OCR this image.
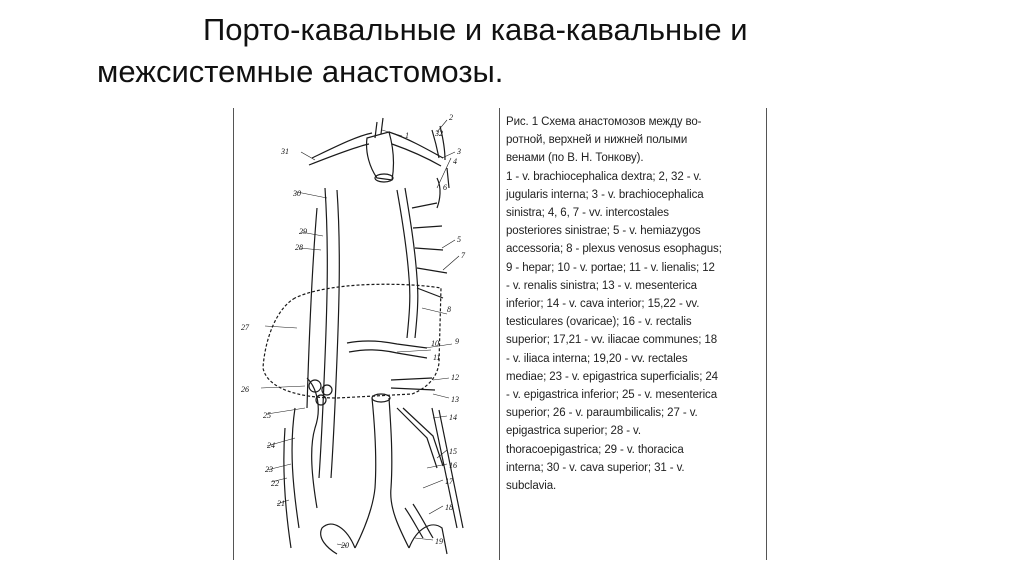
Порто-кавальные и кава-кавальные и
межсистемные анастомозы.
1
2
3
4
5
6
7
8
9
10
11
12
13
14
15
16
17
18
19
20
21
22
23
24
25
26
27
28
29
30
31
32
Рис. 1 Схема анастомозов между во-
ротной, верхней и нижней полыми
венами (по В. Н. Тонкову).
1 - v. brachiocephalica dextra; 2, 32 - v.
jugularis interna; 3 - v. brachiocephalica
sinistra; 4, 6, 7 - vv. intercostales
posteriores sinistrae; 5 - v. hemiazygos
accessoria; 8 - plexus venosus esophagus;
9 - hepar; 10 - v. portae; 11 - v. lienalis; 12
- v. renalis sinistra; 13 - v. mesenterica
inferior; 14 - v. cava interior; 15,22 - vv.
testiculares (ovaricae); 16 - v. rectalis
superior; 17,21 - vv. iliacae communes; 18
- v. iliaca interna; 19,20 - vv. rectales
mediae; 23 - v. epigastrica superficialis; 24
- v. epigastrica inferior; 25 - v. mesenterica
superior; 26 - v. paraumbilicalis; 27 - v.
epigastrica superior; 28 - v.
thoracoepigastrica; 29 - v. thoracica
interna; 30 - v. cava superior; 31 - v.
subclavia.
